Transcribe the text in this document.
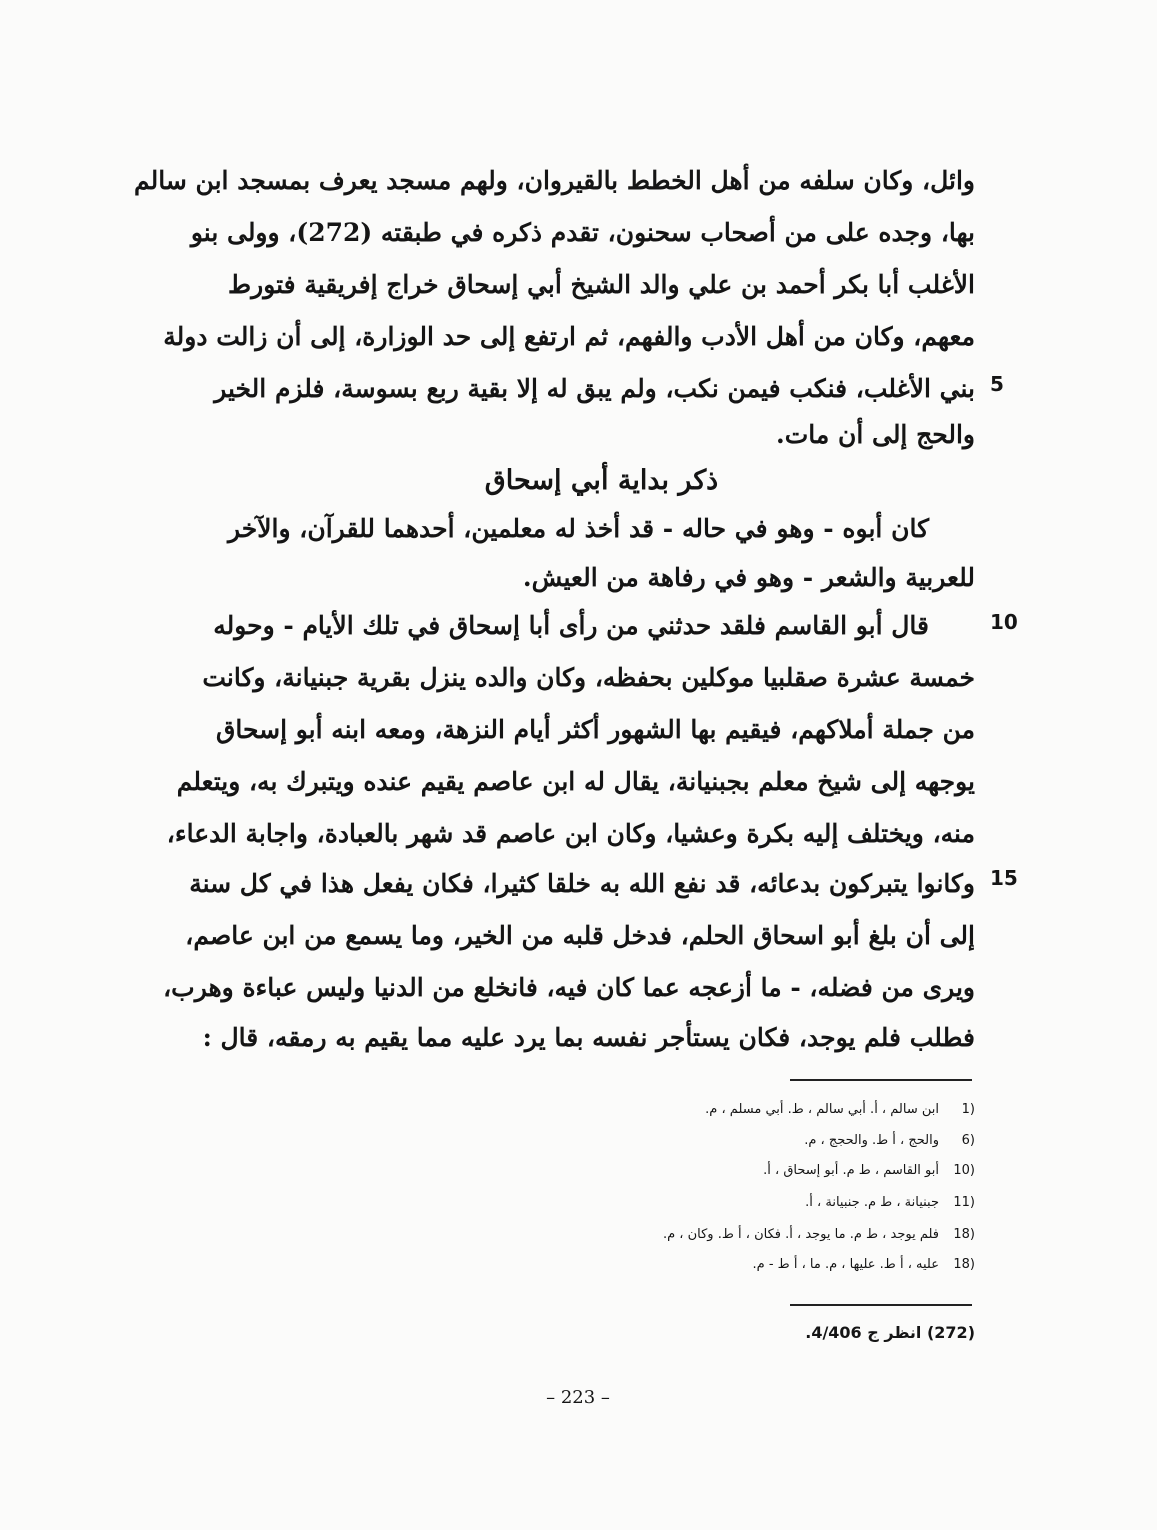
وائل، وكان سلفه من أهل الخطط بالقيروان، ولهم مسجد يعرف بمسجد ابن سالم
بها، وجده على من أصحاب سحنون، تقدم ذكره في طبقته (272)، وولى بنو
الأغلب أبا بكر أحمد بن علي والد الشيخ أبي إسحاق خراج إفريقية فتورط
معهم، وكان من أهل الأدب والفهم، ثم ارتفع إلى حد الوزارة، إلى أن زالت دولة
بني الأغلب، فنكب فيمن نكب، ولم يبق له إلا بقية ربع بسوسة، فلزم الخير
والحج إلى أن مات.
ذكر بداية أبي إسحاق
كان أبوه - وهو في حاله - قد أخذ له معلمين، أحدهما للقرآن، والآخر
للعربية والشعر - وهو في رفاهة من العيش.
قال أبو القاسم فلقد حدثني من رأى أبا إسحاق في تلك الأيام - وحوله
خمسة عشرة صقلبيا موكلين بحفظه، وكان والده ينزل بقرية جبنيانة، وكانت
من جملة أملاكهم، فيقيم بها الشهور أكثر أيام النزهة، ومعه ابنه أبو إسحاق
يوجهه إلى شيخ معلم بجبنيانة، يقال له ابن عاصم يقيم عنده ويتبرك به، ويتعلم
منه، ويختلف إليه بكرة وعشيا، وكان ابن عاصم قد شهر بالعبادة، واجابة الدعاء،
وكانوا يتبركون بدعائه، قد نفع الله به خلقا كثيرا، فكان يفعل هذا في كل سنة
إلى أن بلغ أبو اسحاق الحلم، فدخل قلبه من الخير، وما يسمع من ابن عاصم،
ويرى من فضله، - ما أزعجه عما كان فيه، فانخلع من الدنيا وليس عباءة وهرب،
فطلب فلم يوجد، فكان يستأجر نفسه بما يرد عليه مما يقيم به رمقه، قال :
5
10
15
1)ابن سالم ، أ. أبي سالم ، ط. أبي مسلم ، م.
6)والحج ، أ ط. والحجج ، م.
10)أبو القاسم ، ط م. أبو إسحاق ، أ.
11)جبنيانة ، ط م. جنبيانة ، أ.
18)فلم يوجد ، ط م. ما يوجد ، أ. فكان ، أ ط. وكان ، م.
18)عليه ، أ ط. عليها ، م. ما ، أ ط - م.
(272) انظر ج 4/406.
– 223 –
